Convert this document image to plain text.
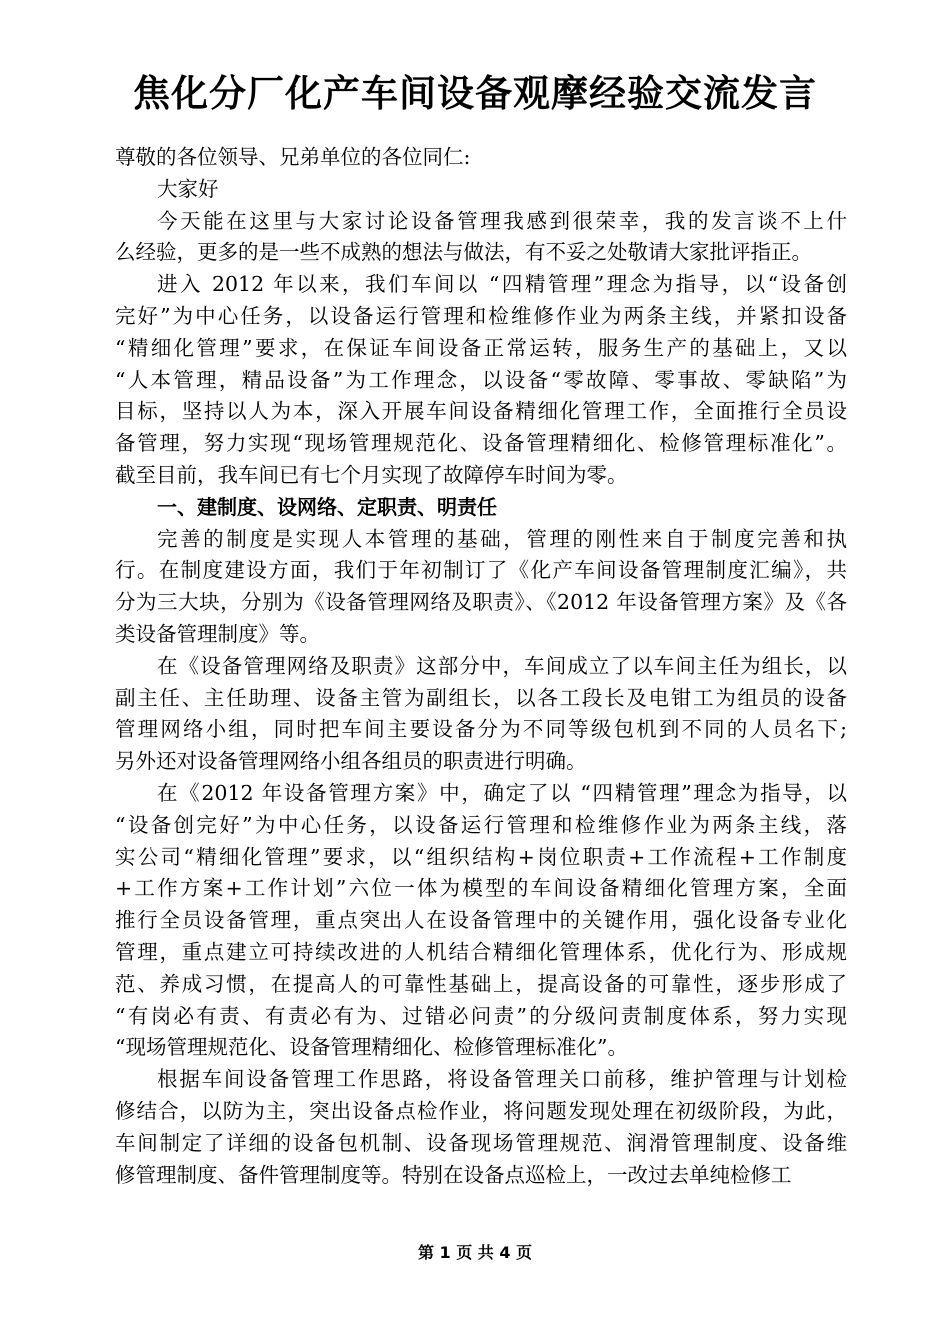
焦化分厂化产车间设备观摩经验交流发言
尊敬的各位领导、兄弟单位的各位同仁:
大家好
今天能在这里与大家讨论设备管理我感到很荣幸，我的发言谈不上什
么经验，更多的是一些不成熟的想法与做法，有不妥之处敬请大家批评指正。
进入 2012 年以来，我们车间以 “四精管理”理念为指导，以“设备创
完好”为中心任务，以设备运行管理和检维修作业为两条主线，并紧扣设备
“精细化管理”要求，在保证车间设备正常运转，服务生产的基础上，又以
“人本管理，精品设备”为工作理念，以设备“零故障、零事故、零缺陷”为
目标，坚持以人为本，深入开展车间设备精细化管理工作，全面推行全员设
备管理，努力实现“现场管理规范化、设备管理精细化、检修管理标准化”。
截至目前，我车间已有七个月实现了故障停车时间为零。
一、建制度、设网络、定职责、明责任
完善的制度是实现人本管理的基础，管理的刚性来自于制度完善和执
行。在制度建设方面，我们于年初制订了《化产车间设备管理制度汇编》，共
分为三大块，分别为《设备管理网络及职责》、《2012 年设备管理方案》及《各
类设备管理制度》等。
在《设备管理网络及职责》这部分中，车间成立了以车间主任为组长，以
副主任、主任助理、设备主管为副组长，以各工段长及电钳工为组员的设备
管理网络小组，同时把车间主要设备分为不同等级包机到不同的人员名下;
另外还对设备管理网络小组各组员的职责进行明确。
在《2012 年设备管理方案》中，确定了以 “四精管理”理念为指导，以
“设备创完好”为中心任务，以设备运行管理和检维修作业为两条主线，落
实公司“精细化管理”要求，以“组织结构+岗位职责+工作流程+工作制度
+工作方案+工作计划”六位一体为模型的车间设备精细化管理方案，全面
推行全员设备管理，重点突出人在设备管理中的关键作用，强化设备专业化
管理，重点建立可持续改进的人机结合精细化管理体系，优化行为、形成规
范、养成习惯，在提高人的可靠性基础上，提高设备的可靠性，逐步形成了
“有岗必有责、有责必有为、过错必问责”的分级问责制度体系，努力实现
“现场管理规范化、设备管理精细化、检修管理标准化”。
根据车间设备管理工作思路，将设备管理关口前移，维护管理与计划检
修结合，以防为主，突出设备点检作业，将问题发现处理在初级阶段，为此，
车间制定了详细的设备包机制、设备现场管理规范、润滑管理制度、设备维
修管理制度、备件管理制度等。特别在设备点巡检上，一改过去单纯检修工
第 1 页 共 4 页
